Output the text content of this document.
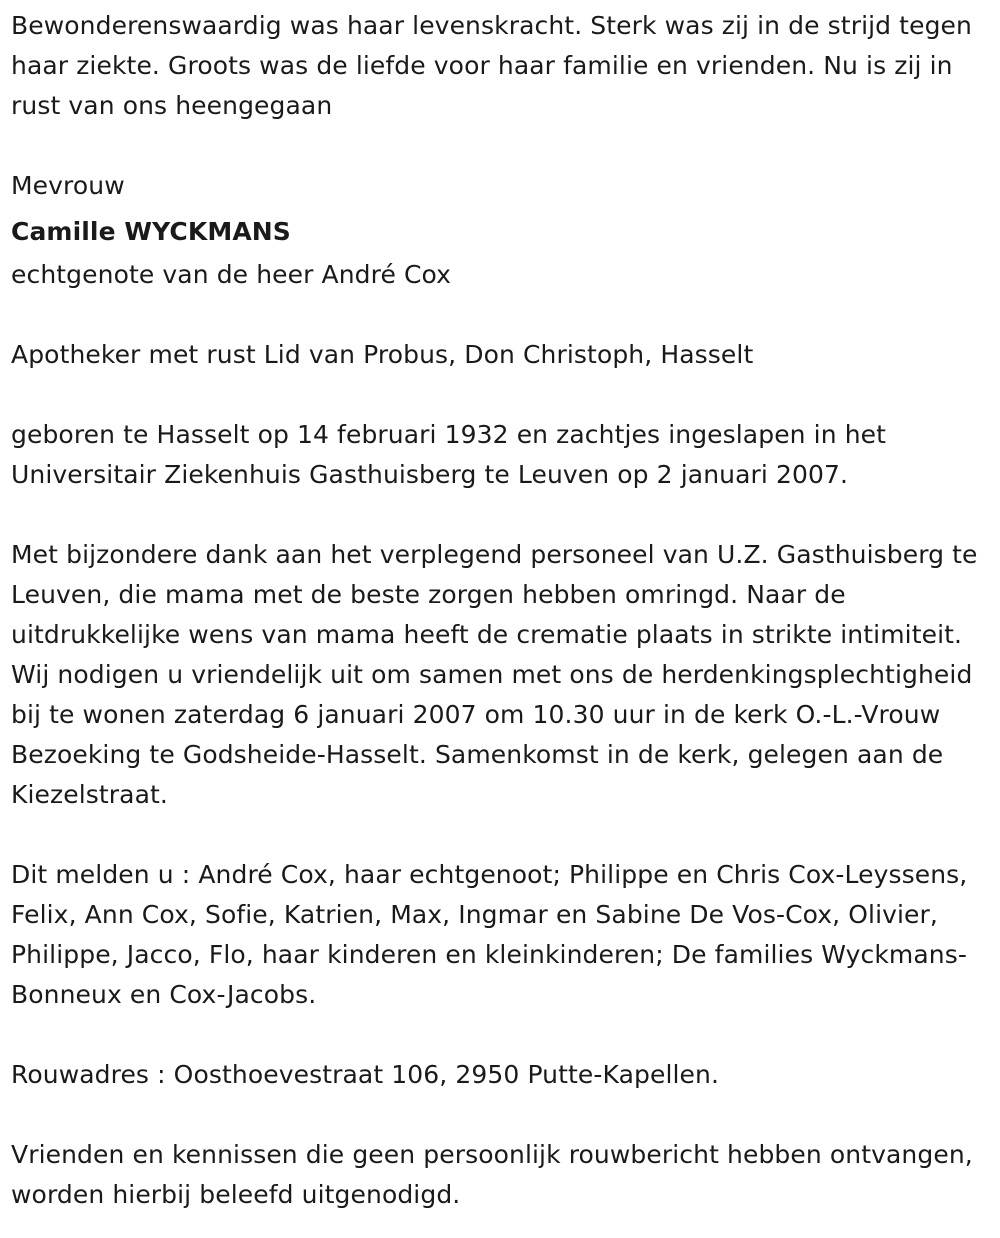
Bewonderenswaardig was haar levenskracht. Sterk was zij in de strijd tegen haar ziekte. Groots was de liefde voor haar familie en vrienden. Nu is zij in rust van ons heengegaan

Mevrouw

Camille WYCKMANS

echtgenote van de heer André Cox

Apotheker met rust Lid van Probus, Don Christoph, Hasselt

geboren te Hasselt op 14 februari 1932 en zachtjes ingeslapen in het Universitair Ziekenhuis Gasthuisberg te Leuven op 2 januari 2007.

Met bijzondere dank aan het verplegend personeel van U.Z. Gasthuisberg te Leuven, die mama met de beste zorgen hebben omringd. Naar de uitdrukkelijke wens van mama heeft de crematie plaats in strikte intimiteit. Wij nodigen u vriendelijk uit om samen met ons de herdenkingsplechtigheid bij te wonen zaterdag 6 januari 2007 om 10.30 uur in de kerk O.-L.-Vrouw Bezoeking te Godsheide-Hasselt. Samenkomst in de kerk, gelegen aan de Kiezelstraat.

Dit melden u : André Cox, haar echtgenoot; Philippe en Chris Cox-Leyssens, Felix, Ann Cox, Sofie, Katrien, Max, Ingmar en Sabine De Vos-Cox, Olivier, Philippe, Jacco, Flo, haar kinderen en kleinkinderen; De families Wyckmans-Bonneux en Cox-Jacobs.

Rouwadres : Oosthoevestraat 106, 2950 Putte-Kapellen.

Vrienden en kennissen die geen persoonlijk rouwbericht hebben ontvangen, worden hierbij beleefd uitgenodigd.
